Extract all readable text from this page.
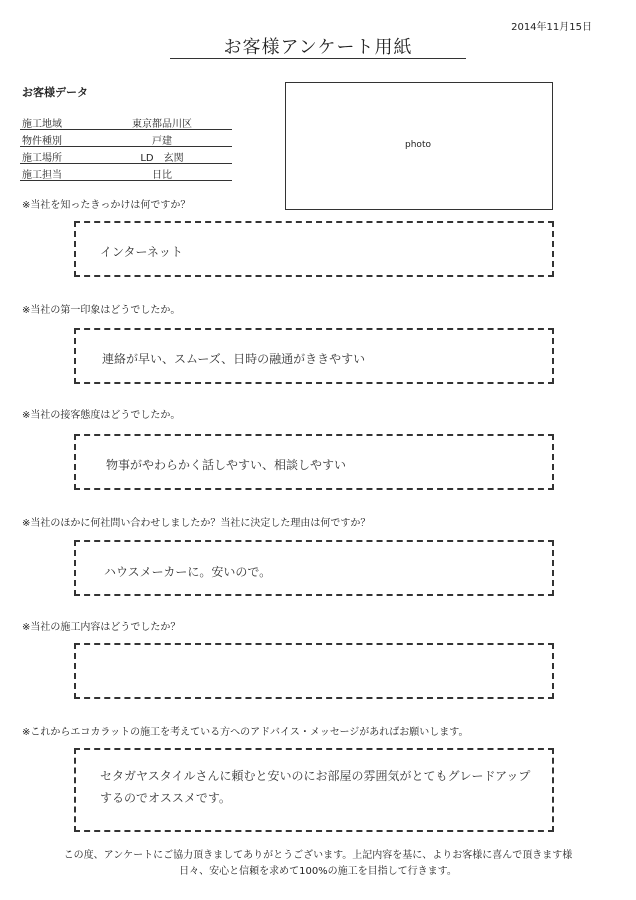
2014年11月15日
お客様アンケート用紙
お客様データ
施工地域	東京都品川区
物件種別	戸建
施工場所	LD　玄関
施工担当	日比
photo
※当社を知ったきっかけは何ですか？
インターネット
※当社の第一印象はどうでしたか。
連絡が早い、スムーズ、日時の融通がききやすい
※当社の接客態度はどうでしたか。
物事がやわらかく話しやすい、相談しやすい
※当社のほかに何社問い合わせしましたか？当社に決定した理由は何ですか？
ハウスメーカーに。安いので。
※当社の施工内容はどうでしたか？
※これからエコカラットの施工を考えている方へのアドバイス・メッセージがあればお願いします。
セタガヤスタイルさんに頼むと安いのにお部屋の雰囲気がとてもグレードアップ
するのでオススメです。
この度、アンケートにご協力頂きましてありがとうございます。上記内容を基に、よりお客様に喜んで頂きます様
日々、安心と信頼を求めて100%の施工を目指して行きます。
